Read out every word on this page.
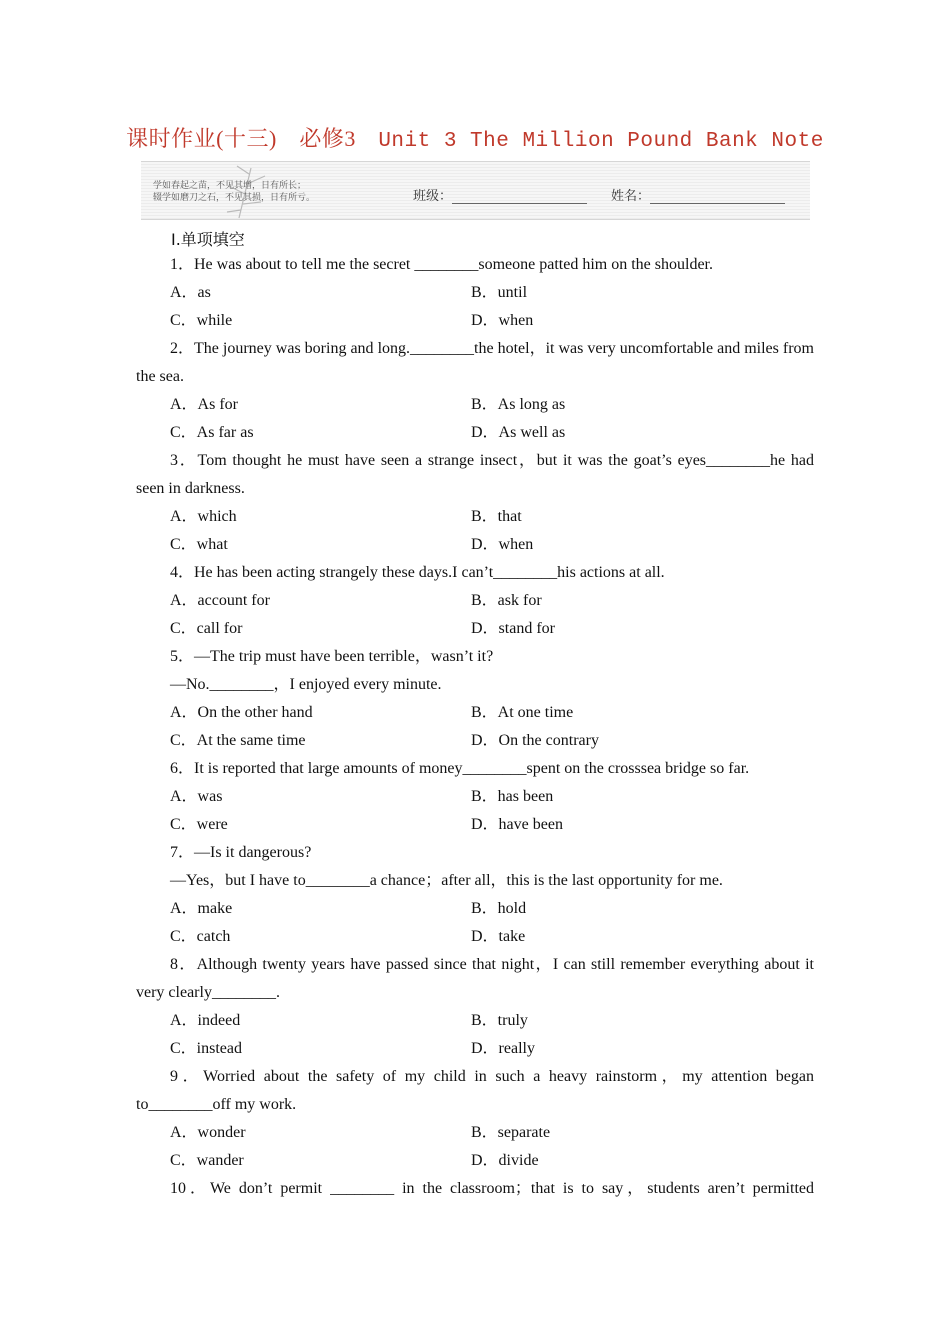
课时作业(十三)　必修3　Unit 3 The Million Pound Bank Note
学如春起之苗，不见其增，日有所长；
辍学如磨刀之石，不见其损，日有所亏。	班级：	姓名：
Ⅰ.单项填空
1．He was about to tell me the secret ________someone patted him on the shoulder.
A．as	B．until
C．while	D．when
2．The journey was boring and long.________the hotel，it was very uncomfortable and miles from the sea.
A．As for	B．As long as
C．As far as	D．As well as
3．Tom thought he must have seen a strange insect，but it was the goat’s eyes________he had seen in darkness.
A．which	B．that
C．what	D．when
4．He has been acting strangely these days.I can’t________his actions at all.
A．account for	B．ask for
C．call for	D．stand for
5．—The trip must have been terrible，wasn’t it?
—No.________，I enjoyed every minute.
A．On the other hand	B．At one time
C．At the same time	D．On the contrary
6．It is reported that large amounts of money________spent on the crosssea bridge so far.
A．was	B．has been
C．were	D．have been
7．—Is it dangerous?
—Yes，but I have to________a chance；after all，this is the last opportunity for me.
A．make	B．hold
C．catch	D．take
8．Although twenty years have passed since that night，I can still remember everything about it very clearly________.
A．indeed	B．truly
C．instead	D．really
9．Worried about the safety of my child in such a heavy rainstorm，my attention began to________off my work.
A．wonder	B．separate
C．wander	D．divide
10．We don’t permit ________ in the classroom；that is to say，students aren’t permitted
